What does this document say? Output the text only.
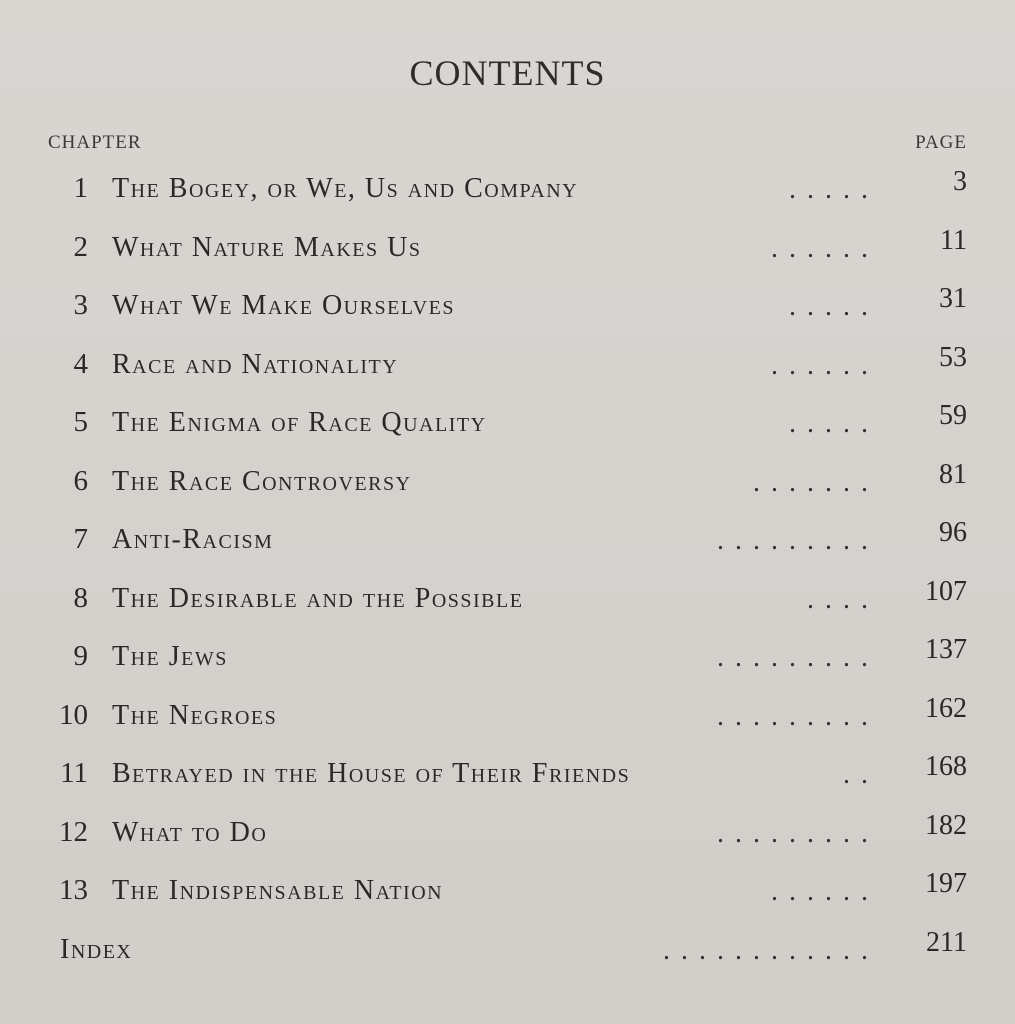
CONTENTS
CHAPTER	PAGE
1 The Bogey, or We, Us and Company	. . . . .	3
2 What Nature Makes Us	. . . . . .	11
3 What We Make Ourselves	. . . . . 31
4 Race and Nationality	. . . . . . 53
5 The Enigma of Race Quality	. . . . . 59
6 The Race Controversy	. . . . . . . 81
7 Anti-Racism	. . . . . . . . . 96
8 The Desirable and the Possible	. . . . 107
9 The Jews	. . . . . . . . . 137
10 The Negroes	. . . . . . . . . 162
11 Betrayed in the House of Their Friends	. . 168
12 What to Do	. . . . . . . . . 182
13 The Indispensable Nation	. . . . . . 197
Index	. . . . . . . . . . . . 211
